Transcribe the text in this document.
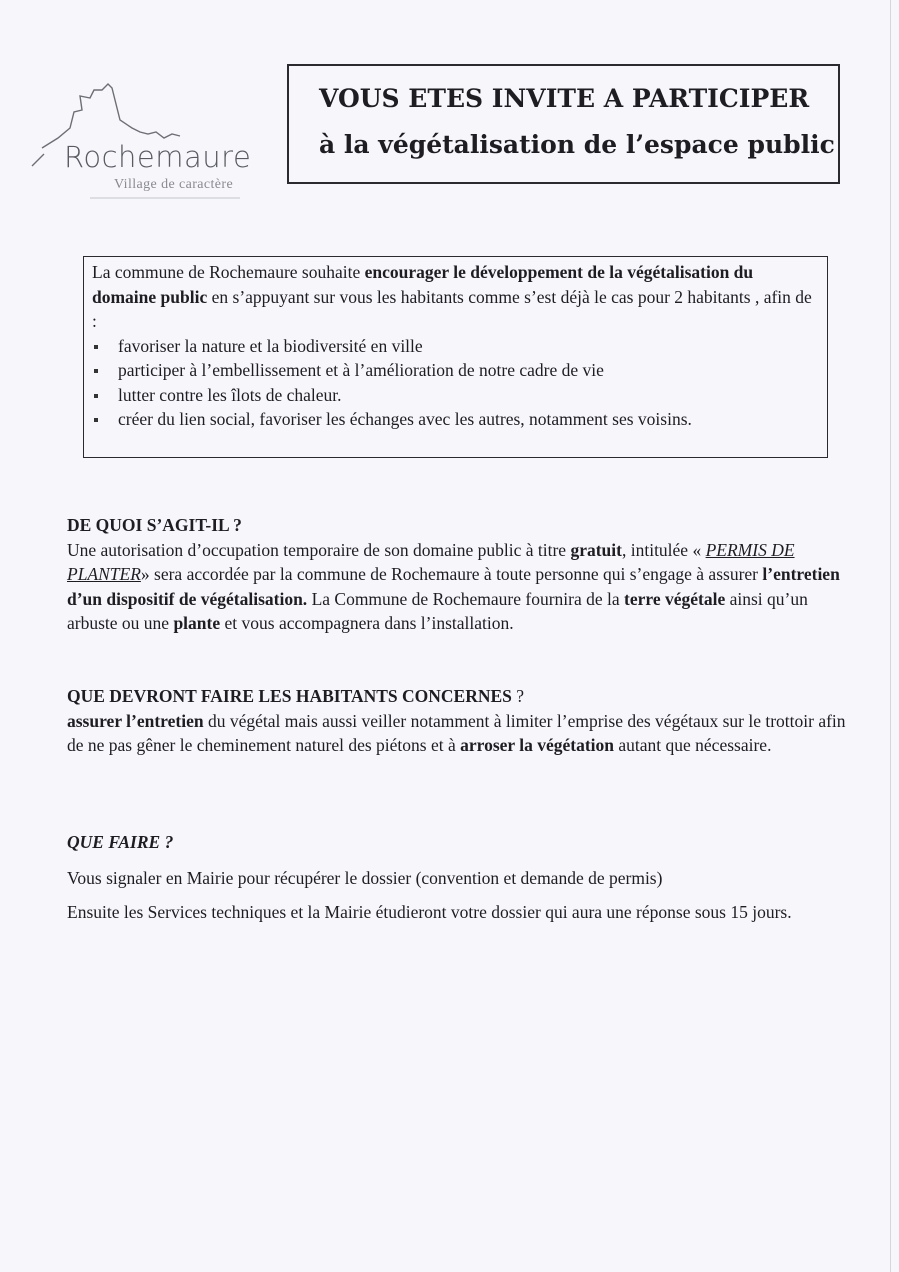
Rochemaure
Village de caractère
VOUS ETES INVITE A PARTICIPER
à la végétalisation de l’espace public

La commune de Rochemaure souhaite encourager le développement de la végétalisation du domaine public en s’appuyant sur vous les habitants comme s’est déjà le cas pour 2 habitants , afin de :

favoriser la nature et la biodiversité en ville
participer à l’embellissement et à l’amélioration de notre cadre de vie
lutter contre les îlots de chaleur.
créer du lien social, favoriser les échanges avec les autres, notamment ses voisins.

DE QUOI S’AGIT-IL ?

Une autorisation d’occupation temporaire de son domaine public à titre gratuit, intitulée « PERMIS DE PLANTER» sera accordée par la commune de Rochemaure à toute personne qui s’engage à assurer l’entretien d’un dispositif de végétalisation. La Commune de Rochemaure fournira de la terre végétale ainsi qu’un arbuste ou une plante et vous accompagnera dans l’installation.

QUE DEVRONT FAIRE LES HABITANTS CONCERNES ?

assurer l’entretien du végétal mais aussi veiller notamment à limiter l’emprise des végétaux sur le trottoir afin de ne pas gêner le cheminement naturel des piétons et à arroser la végétation autant que nécessaire.

QUE FAIRE ?

Vous signaler en Mairie pour récupérer le dossier (convention et demande de permis)

Ensuite les Services techniques et la Mairie étudieront votre dossier qui aura une réponse sous 15 jours.
